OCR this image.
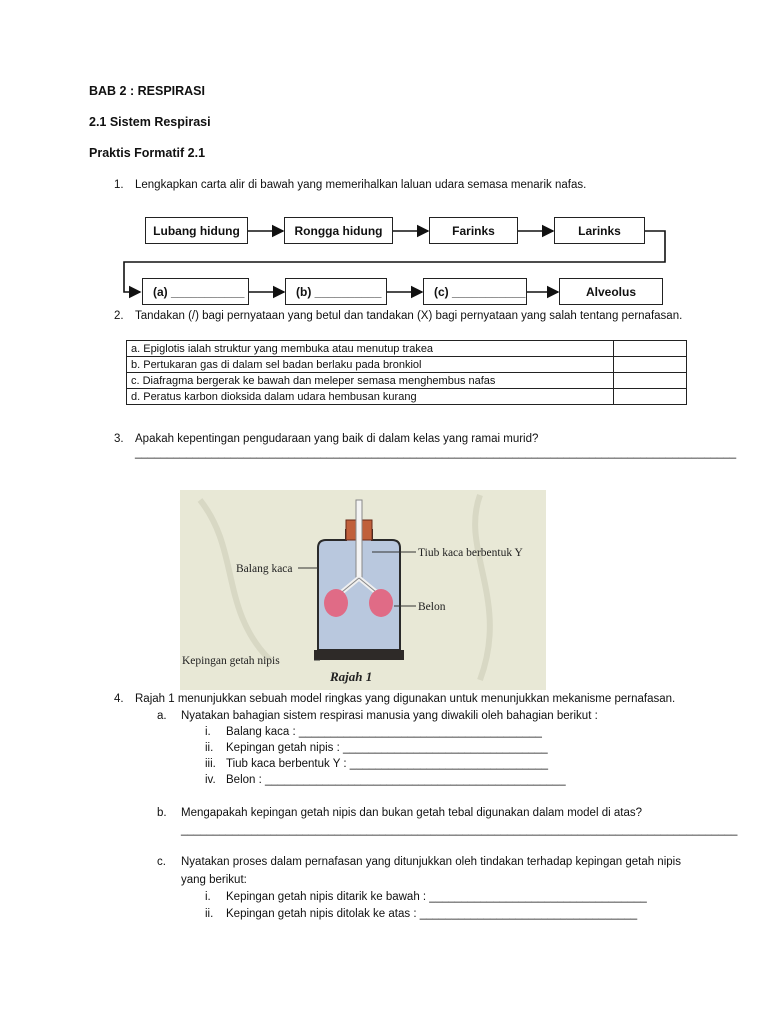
BAB 2 : RESPIRASI
2.1 Sistem Respirasi
Praktis Formatif 2.1
1. Lengkapkan carta alir di bawah yang memerihalkan laluan udara semasa menarik nafas.
Lubang hidung	Rongga hidung	Farinks	Larinks
(a) ___________	(b) __________	(c) ___________	Alveolus
2. Tandakan (/) bagi pernyataan yang betul dan tandakan (X) bagi pernyataan yang salah tentang pernafasan.
a. Epiglotis ialah struktur yang membuka atau menutup trakea	
b. Pertukaran gas di dalam sel badan berlaku pada bronkiol	
c. Diafragma bergerak ke bawah dan meleper semasa menghembus nafas	
d. Peratus karbon dioksida dalam udara hembusan kurang	
3. Apakah kepentingan pengudaraan yang baik di dalam kelas yang ramai murid?
______________________________________________________________________________________________
Balang kaca
Tiub kaca berbentuk Y
Belon
Kepingan getah nipis
Rajah 1
4. Rajah 1 menunjukkan sebuah model ringkas yang digunakan untuk menunjukkan mekanisme pernafasan.
a. Nyatakan bahagian sistem respirasi manusia yang diwakili oleh bahagian berikut :
i. Balang kaca : ______________________________________
ii. Kepingan getah nipis : ________________________________
iii. Tiub kaca berbentuk Y : _______________________________
iv. Belon : _______________________________________________
b. Mengapakah kepingan getah nipis dan bukan getah tebal digunakan dalam model di atas?
_______________________________________________________________________________________
c. Nyatakan proses dalam pernafasan yang ditunjukkan oleh tindakan terhadap kepingan getah nipis
yang berikut:
i. Kepingan getah nipis ditarik ke bawah : __________________________________
ii. Kepingan getah nipis ditolak ke atas : __________________________________
